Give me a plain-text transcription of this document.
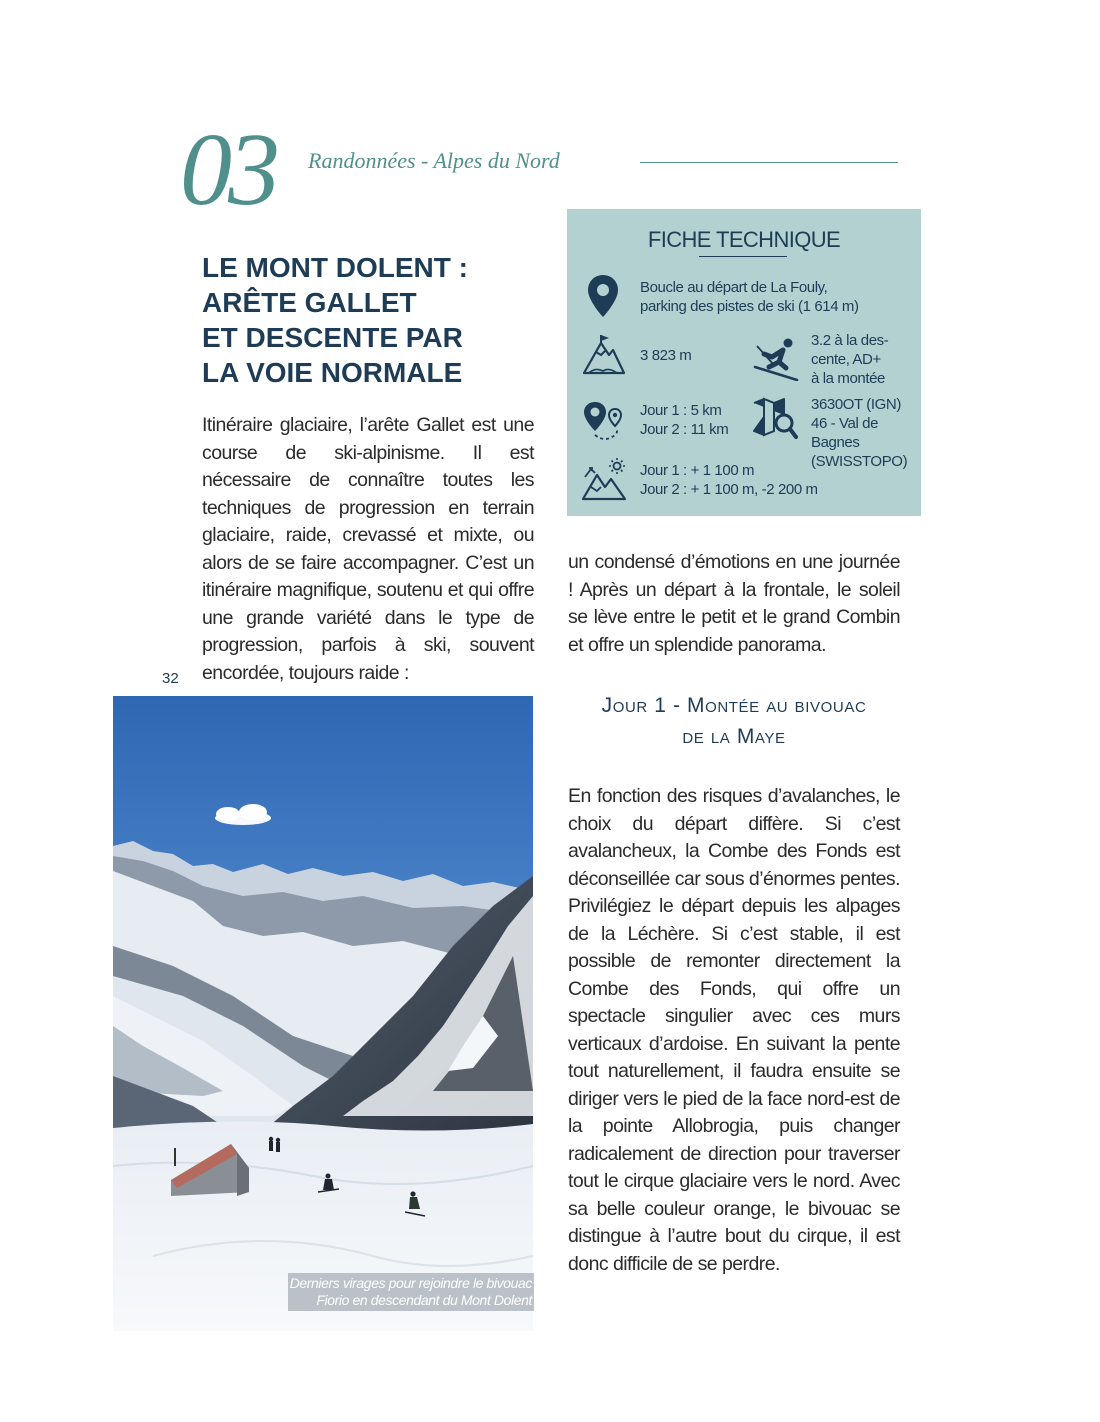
03 Randonnées - Alpes du Nord
LE MONT DOLENT :
ARÊTE GALLET
ET DESCENTE PAR
LA VOIE NORMALE

Itinéraire glaciaire, l’arête Gallet est une course de ski-alpinisme. Il est nécessaire de connaître toutes les techniques de progression en terrain glaciaire, raide, crevassé et mixte, ou alors de se faire accompagner. C’est un itinéraire magnifique, soutenu et qui offre une grande variété dans le type de progression, parfois à ski, souvent encordée, toujours raide :

un condensé d’émotions en une journée ! Après un départ à la frontale, le soleil se lève entre le petit et le grand Combin et offre un splendide panorama.

32
FICHE TECHNIQUE
Boucle au départ de La Fouly,
parking des pistes de ski (1 614 m)
3 823 m
3.2 à la des-
cente, AD+
à la montée
Jour 1 : 5 km
Jour 2 : 11 km
3630OT (IGN)
46 - Val de
Bagnes
(SWISSTOPO)
Jour 1 : + 1 100 m
Jour 2 : + 1 100 m, -2 200 m
Jour 1 - Montée au bivouac
de la Maye

En fonction des risques d’avalanches, le choix du départ diffère. Si c’est avalancheux, la Combe des Fonds est déconseillée car sous d’énormes pentes. Privilégiez le départ depuis les alpages de la Léchère. Si c’est stable, il est possible de remonter directement la Combe des Fonds, qui offre un spectacle singulier avec ces murs verticaux d’ardoise. En suivant la pente tout naturellement, il faudra ensuite se diriger vers le pied de la face nord-est de la pointe Allobrogia, puis changer radicalement de direction pour traverser tout le cirque glaciaire vers le nord. Avec sa belle couleur orange, le bivouac se distingue à l’autre bout du cirque, il est donc difficile de se perdre.

Derniers virages pour rejoindre le bivouac
Fiorio en descendant du Mont Dolent
